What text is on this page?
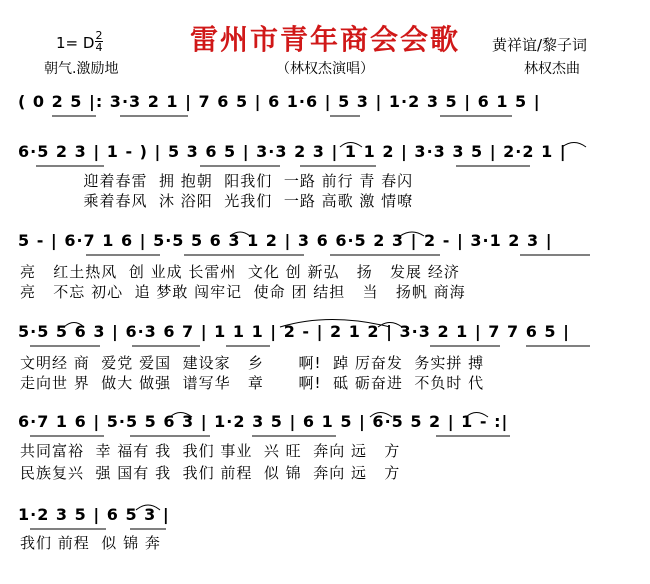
雷州市青年商会会歌
1= D 2
4
朝气.激励地	（林权杰演唱）
黄祥谊/黎子词
林权杰曲
( 0 2 5 |: 3·3 2 1 | 7 6 5 | 6 1·6 | 5 3 | 1·2 3 5 | 6 1 5 |
6·5 2 3 | 1 - ) | 5 3 6 5 | 3·3 2 3 | 1 1 2 | 3·3 3 5 | 2·2 1 |
迎着春雷  拥 抱朝  阳我们  一路 前行 青 春闪
乘着春风  沐 浴阳  光我们  一路 高歌 激 情嘹
5 - | 6·7 1 6 | 5·5 5 6 3 1 2 | 3 6 6·5 2 3 | 2 - | 3·1 2 3 |
亮   红土热风  创 业成 长雷州  文化 创 新弘   扬   发展 经济
亮   不忘 初心  追 梦敢 闯牢记  使命 团 结担   当   扬帆 商海
5·5 5 6 3 | 6·3 6 7 | 1 1 1 | 2 - | 2 1 2 | 3·3 2 1 | 7 7 6 5 |
文明经 商  爱党 爱国  建设家   乡      啊!  踔 厉奋发  务实拼 搏
走向世 界  做大 做强  谱写华   章      啊!  砥 砺奋进  不负时 代
6·7 1 6 | 5·5 5 6 3 | 1·2 3 5 | 6 1 5 | 6·5 5 2 | 1 - :|
共同富裕  幸 福有 我  我们 事业  兴 旺  奔向 远   方
民族复兴  强 国有 我  我们 前程  似 锦  奔向 远   方
1·2 3 5 | 6 5 3 |
我们 前程  似 锦 奔
